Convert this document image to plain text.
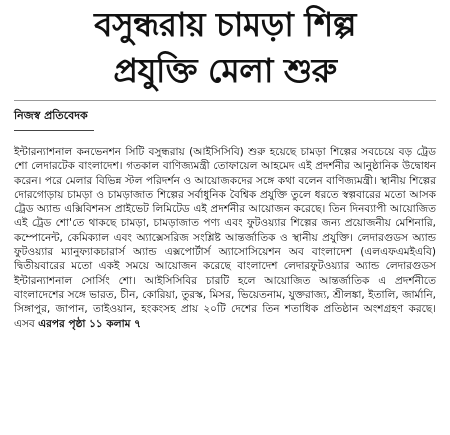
বসুন্ধরায় চামড়া শিল্প
প্রযুক্তি মেলা শুরু
নিজস্ব প্রতিবেদক

ইন্টারন্যাশনাল কনভেনশন সিটি বসুন্ধরায় (আইসিসিবি) শুরু হয়েছে চামড়া শিল্পের সবচেয়ে বড় ট্রেড শো লেদারটেক বাংলাদেশ। গতকাল বাণিজ্যমন্ত্রী তোফায়েল আহমেদ এই প্রদর্শনীর আনুষ্ঠানিক উদ্বোধন করেন। পরে মেলার বিভিন্ন স্টল পরিদর্শন ও আয়োজকদের সঙ্গে কথা বলেন বাণিজ্যমন্ত্রী। স্থানীয় শিল্পের দোরগোড়ায় চামড়া ও চামড়াজাত শিল্পের সর্বাধুনিক বৈশ্বিক প্রযুক্তি তুলে ধরতে স্বল্পবারের মতো আসক ট্রেড অ্যান্ড এক্সিবিশনস প্রাইভেট লিমিটেড এই প্রদর্শনীর আয়োজন করেছে। তিন দিনব্যাপী আয়োজিত এই ট্রেড শো'তে থাকছে চামড়া, চামড়াজাত পণ্য এবং ফুটওয়্যার শিল্পের জন্য প্রয়োজনীয় মেশিনারি, কম্পোনেন্ট, কেমিক্যাল এবং অ্যাক্সেসরিজ সংশ্লিষ্ট আন্তর্জাতিক ও স্থানীয় প্রযুক্তি। লেদারগুডস অ্যান্ড ফুটওয়্যার ম্যানুফ্যাকচারার্স অ্যান্ড এক্সপোর্টার্স অ্যাসোসিয়েশন অব বাংলাদেশ (এলএফএমইএবি) দ্বিতীয়বারের মতো একই সময়ে আয়োজন করেছে বাংলাদেশ লেদারফুটওয়্যার অ্যান্ড লেদারগুডস ইন্টারন্যাশনাল সোর্সিং শো। আইসিসিবির চারটি হলে আয়োজিত আন্তর্জাতিক এ প্রদর্শনীতে বাংলাদেশের সঙ্গে ভারত, চীন, কোরিয়া, তুরস্ক, মিসর, ভিয়েতনাম, যুক্তরাজ্য, শ্রীলঙ্কা, ইতালি, জার্মানি, সিঙ্গাপুর, জাপান, তাইওয়ান, হংকংসহ প্রায় ২০টি দেশের তিন শতাধিক প্রতিষ্ঠান অংশগ্রহণ করছে। এসব এরপর পৃষ্ঠা ১১ কলাম ৭
